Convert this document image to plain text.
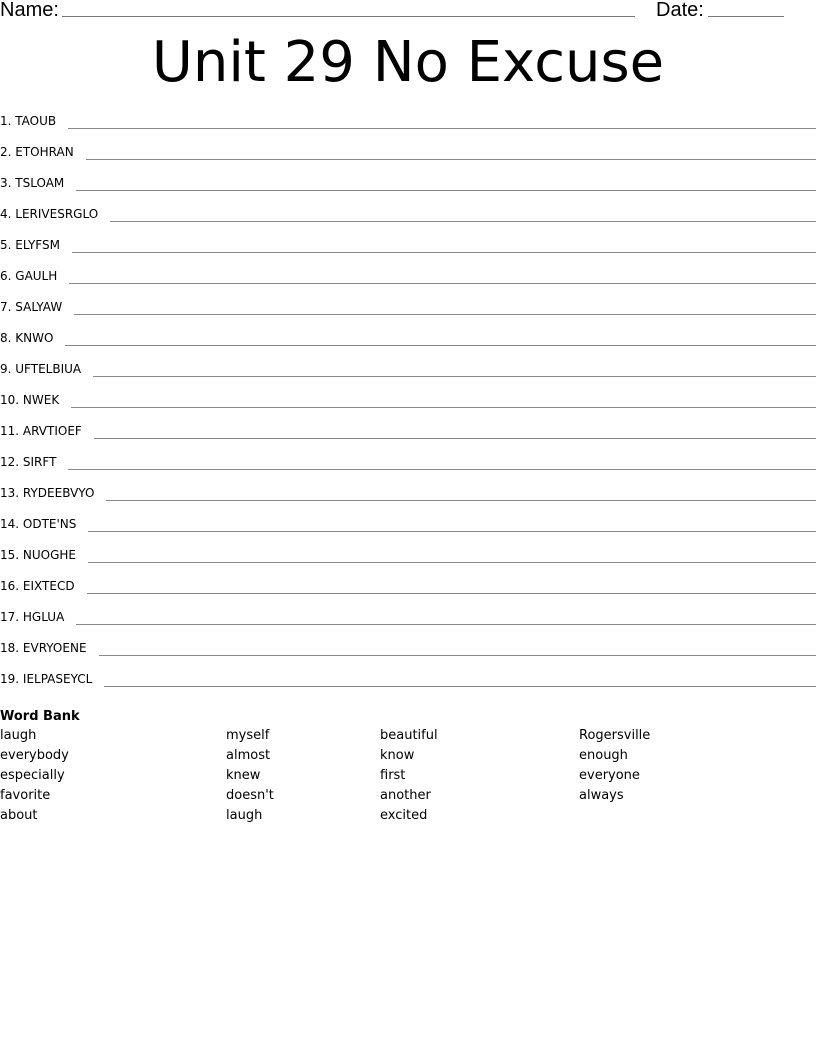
Name:	Date:
Unit 29 No Excuse
1. TAOUB
2. ETOHRAN
3. TSLOAM
4. LERIVESRGLO
5. ELYFSM
6. GAULH
7. SALYAW
8. KNWO
9. UFTELBIUA
10. NWEK
11. ARVTIOEF
12. SIRFT
13. RYDEEBVYO
14. ODTE'NS
15. NUOGHE
16. EIXTECD
17. HGLUA
18. EVRYOENE
19. IELPASEYCL
Word Bank
laugh
everybody
especially
favorite
about
myself
almost
knew
doesn't
laugh
beautiful
know
first
another
excited
Rogersville
enough
everyone
always
